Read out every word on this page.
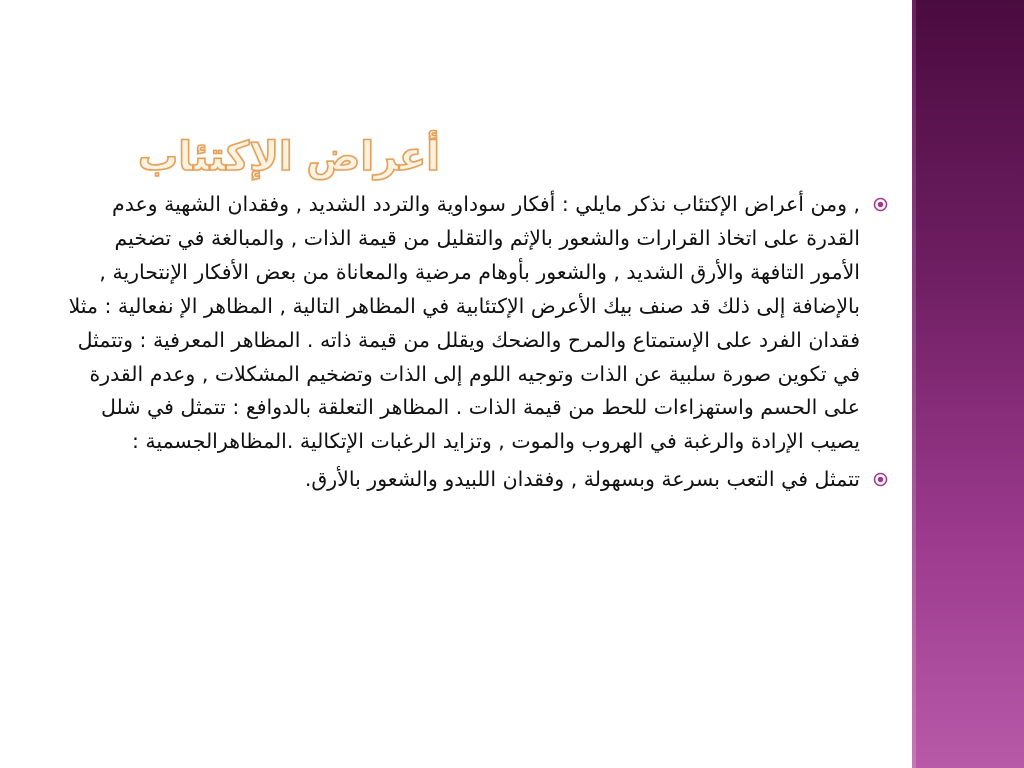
أعراض الإكتئاب
, ومن أعراض الإكتئاب نذكر مايلي : أفكار سوداوية والتردد الشديد , وفقدان الشهية وعدم القدرة على اتخاذ القرارات والشعور بالإثم والتقليل من قيمة الذات , والمبالغة في تضخيم الأمور التافهة والأرق الشديد , والشعور بأوهام مرضية والمعاناة من بعض الأفكار الإنتحارية , بالإضافة إلى ذلك قد صنف بيك الأعرض الإكتئابية في المظاهر التالية , المظاهر الإ نفعالية : مثلا فقدان الفرد على الإستمتاع والمرح والضحك ويقلل من قيمة ذاته . المظاهر المعرفية : وتتمثل في تكوين صورة سلبية عن الذات وتوجيه اللوم إلى الذات وتضخيم المشكلات , وعدم القدرة على الحسم واستهزاءات للحط من قيمة الذات . المظاهر التعلقة بالدوافع : تتمثل في شلل يصيب الإرادة والرغبة في الهروب والموت , وتزايد الرغبات الإتكالية .المظاهرالجسمية :
تتمثل في التعب بسرعة وبسهولة , وفقدان اللبيدو والشعور بالأرق.
